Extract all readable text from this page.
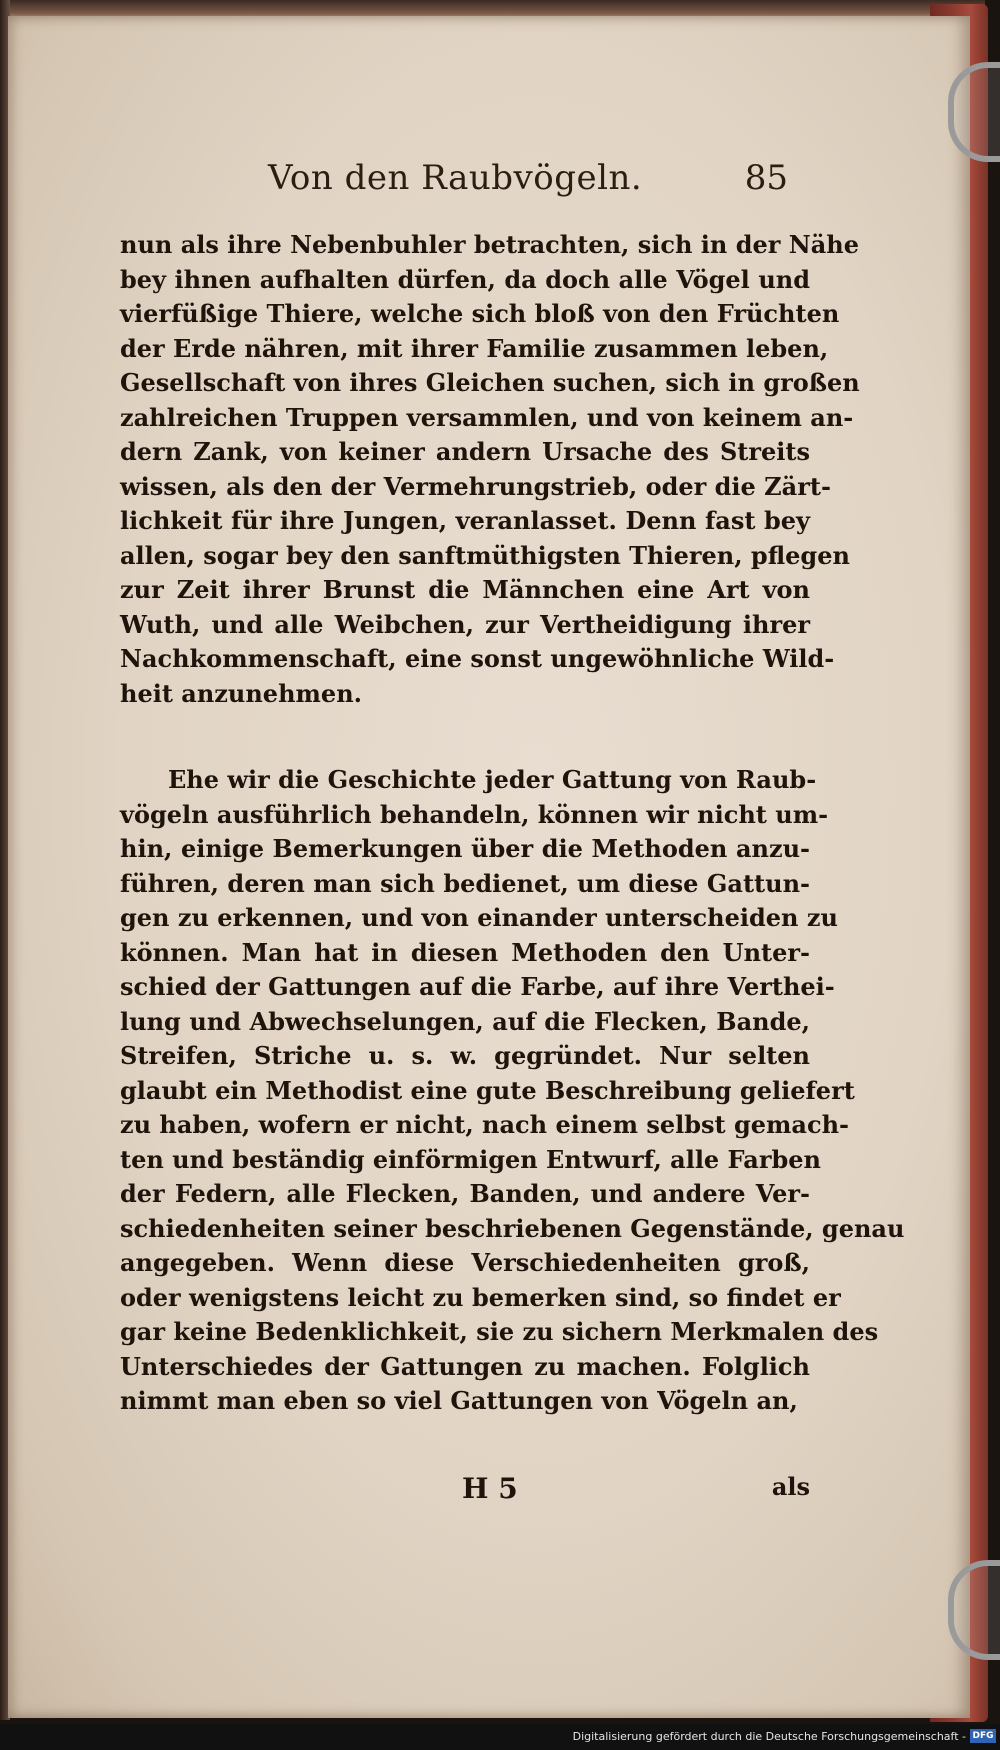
Von den Raubvögeln.	85
nun als ihre Nebenbuhler betrachten, sich in der Nähe
bey ihnen aufhalten dürfen, da doch alle Vögel und
vierfüßige Thiere, welche sich bloß von den Früchten
der Erde nähren, mit ihrer Familie zusammen leben,
Gesellschaft von ihres Gleichen suchen, sich in großen
zahlreichen Truppen versammlen, und von keinem an-
dern Zank, von keiner andern Ursache des Streits
wissen, als den der Vermehrungstrieb, oder die Zärt-
lichkeit für ihre Jungen, veranlasset. Denn fast bey
allen, sogar bey den sanftmüthigsten Thieren, pflegen
zur Zeit ihrer Brunst die Männchen eine Art von
Wuth, und alle Weibchen, zur Vertheidigung ihrer
Nachkommenschaft, eine sonst ungewöhnliche Wild-
heit anzunehmen.
Ehe wir die Geschichte jeder Gattung von Raub-
vögeln ausführlich behandeln, können wir nicht um-
hin, einige Bemerkungen über die Methoden anzu-
führen, deren man sich bedienet, um diese Gattun-
gen zu erkennen, und von einander unterscheiden zu
können. Man hat in diesen Methoden den Unter-
schied der Gattungen auf die Farbe, auf ihre Verthei-
lung und Abwechselungen, auf die Flecken, Bande,
Streifen, Striche u. s. w. gegründet. Nur selten
glaubt ein Methodist eine gute Beschreibung geliefert
zu haben, wofern er nicht, nach einem selbst gemach-
ten und beständig einförmigen Entwurf, alle Farben
der Federn, alle Flecken, Banden, und andere Ver-
schiedenheiten seiner beschriebenen Gegenstände, genau
angegeben. Wenn diese Verschiedenheiten groß,
oder wenigstens leicht zu bemerken sind, so findet er
gar keine Bedenklichkeit, sie zu sichern Merkmalen des
Unterschiedes der Gattungen zu machen. Folglich
nimmt man eben so viel Gattungen von Vögeln an,
H 5	als
Digitalisierung gefördert durch die Deutsche Forschungsgemeinschaft - DFG
